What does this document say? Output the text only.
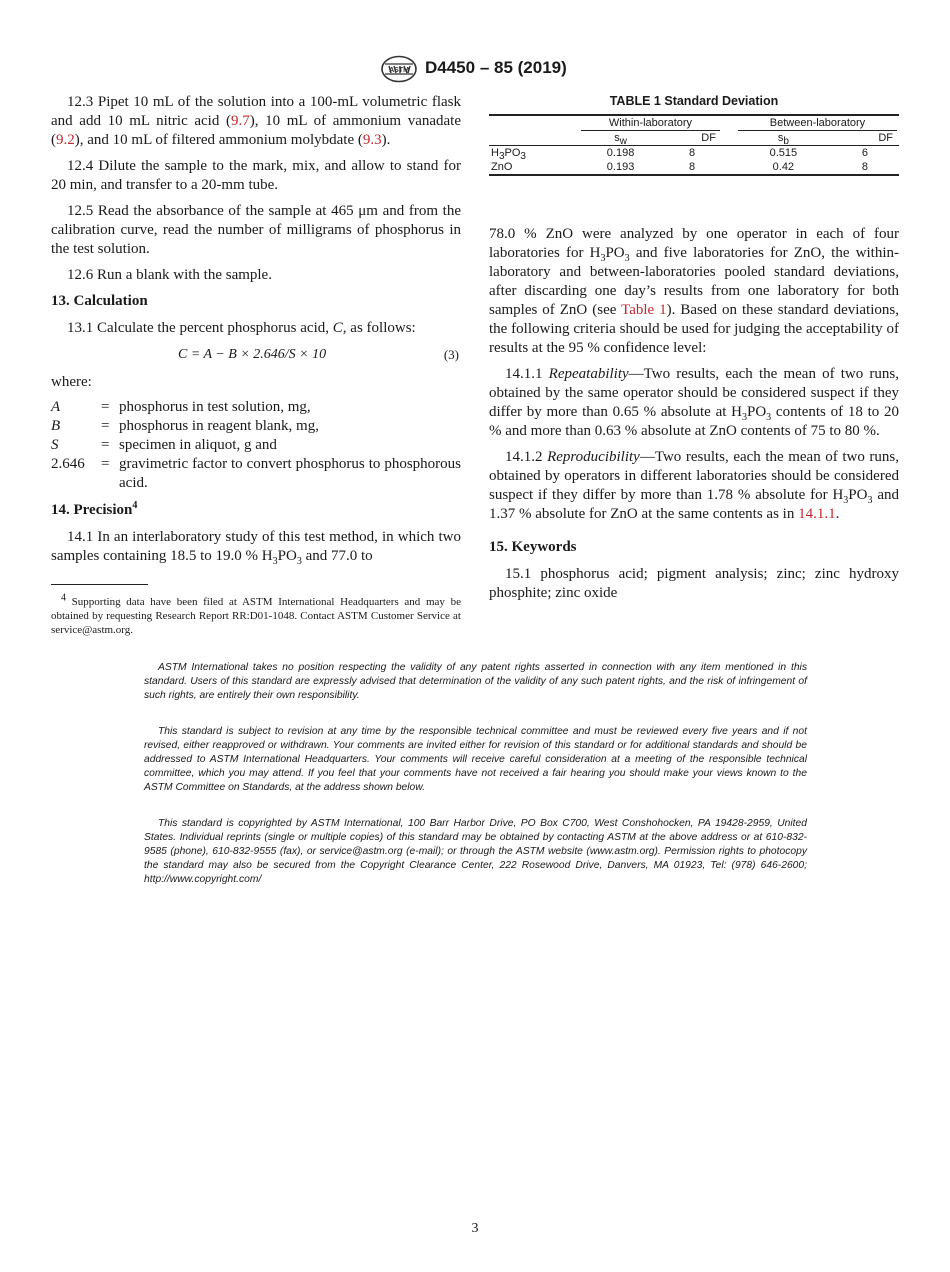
ASTM D4450 – 85 (2019)

12.3 Pipet 10 mL of the solution into a 100-mL volumetric flask and add 10 mL nitric acid (9.7), 10 mL of ammonium vanadate (9.2), and 10 mL of filtered ammonium molybdate (9.3).

12.4 Dilute the sample to the mark, mix, and allow to stand for 20 min, and transfer to a 20-mm tube.

12.5 Read the absorbance of the sample at 465 μm and from the calibration curve, read the number of milligrams of phosphorus in the test solution.

12.6 Run a blank with the sample.

13. Calculation

13.1 Calculate the percent phosphorus acid, C, as follows:

C = A − B × 2.646/S × 10	(3)
where:
A	= phosphorus in test solution, mg,
B	= phosphorus in reagent blank, mg,
S	= specimen in aliquot, g and
2.646	= gravimetric factor to convert phosphorus to phosphorous acid.
14. Precision$^4$

14.1 In an interlaboratory study of this test method, in which two samples containing 18.5 to 19.0 % $H_3PO_3$ and 77.0 to

$^4$ Supporting data have been filed at ASTM International Headquarters and may be obtained by requesting Research Report RR:D01-1048. Contact ASTM Customer Service at service@astm.org.
TABLE 1 Standard Deviation

	Within-laboratory			Between-laboratory	

	$s_w$	DF		$s_b$	DF
$H_3PO_3$	0.198	8		0.515	6
ZnO	0.193	8		0.42	8

78.0 % ZnO were analyzed by one operator in each of four laboratories for $H_3PO_3$ and five laboratories for ZnO, the within-laboratory and between-laboratories pooled standard deviations, after discarding one day’s results from one laboratory for both samples of ZnO (see Table 1). Based on these standard deviations, the following criteria should be used for judging the acceptability of results at the 95 % confidence level:

14.1.1 Repeatability—Two results, each the mean of two runs, obtained by the same operator should be considered suspect if they differ by more than 0.65 % absolute at $H_3PO_3$ contents of 18 to 20 % and more than 0.63 % absolute at ZnO contents of 75 to 80 %.

14.1.2 Reproducibility—Two results, each the mean of two runs, obtained by operators in different laboratories should be considered suspect if they differ by more than 1.78 % absolute for $H_3PO_3$ and 1.37 % absolute for ZnO at the same contents as in 14.1.1.

15. Keywords

15.1 phosphorus acid; pigment analysis; zinc; zinc hydroxy phosphite; zinc oxide

ASTM International takes no position respecting the validity of any patent rights asserted in connection with any item mentioned in this standard. Users of this standard are expressly advised that determination of the validity of any such patent rights, and the risk of infringement of such rights, are entirely their own responsibility.

This standard is subject to revision at any time by the responsible technical committee and must be reviewed every five years and if not revised, either reapproved or withdrawn. Your comments are invited either for revision of this standard or for additional standards and should be addressed to ASTM International Headquarters. Your comments will receive careful consideration at a meeting of the responsible technical committee, which you may attend. If you feel that your comments have not received a fair hearing you should make your views known to the ASTM Committee on Standards, at the address shown below.

This standard is copyrighted by ASTM International, 100 Barr Harbor Drive, PO Box C700, West Conshohocken, PA 19428-2959, United States. Individual reprints (single or multiple copies) of this standard may be obtained by contacting ASTM at the above address or at 610-832-9585 (phone), 610-832-9555 (fax), or service@astm.org (e-mail); or through the ASTM website (www.astm.org). Permission rights to photocopy the standard may also be secured from the Copyright Clearance Center, 222 Rosewood Drive, Danvers, MA 01923, Tel: (978) 646-2600; http://www.copyright.com/

3
